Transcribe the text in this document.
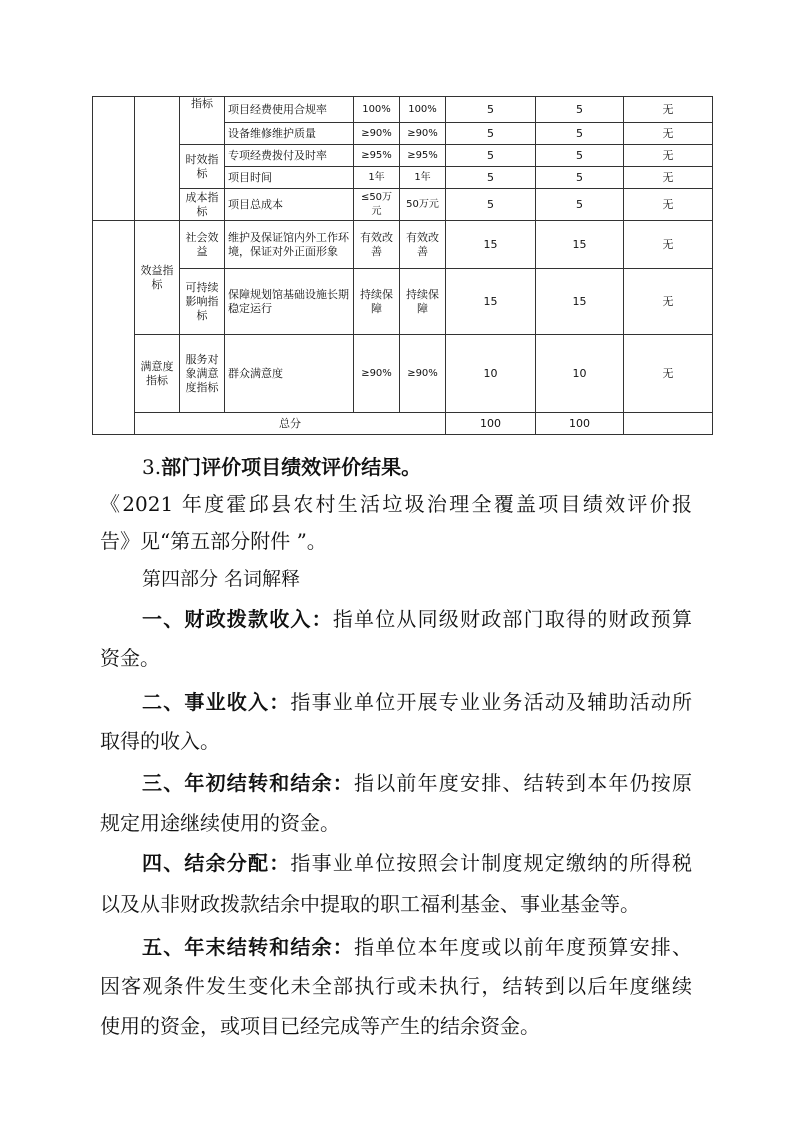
		指标	项目经费使用合规率	100%	100%	5	5	无
			设备维修维护质量	≥90%	≥90%	5	5	无
		时效指标	专项经费拨付及时率	≥95%	≥95%	5	5	无
			项目时间	1年	1年	5	5	无
		成本指标	项目总成本	≤50万元	50万元	5	5	无
	效益指标	社会效益	维护及保证馆内外工作环境，保证对外正面形象	有效改善	有效改善	15	15	无
		可持续影响指标	保障规划馆基础设施长期稳定运行	持续保障	持续保障	15	15	无
	满意度指标	服务对象满意度指标	群众满意度	≥90%	≥90%	10	10	无
	总分					100	100	
3.部门评价项目绩效评价结果。
《2021 年度霍邱县农村生活垃圾治理全覆盖项目绩效评价报
告》见“第五部分附件 ”。
第四部分 名词解释
一、财政拨款收入：指单位从同级财政部门取得的财政预算
资金。
二、事业收入：指事业单位开展专业业务活动及辅助活动所
取得的收入。
三、年初结转和结余：指以前年度安排、结转到本年仍按原
规定用途继续使用的资金。
四、结余分配：指事业单位按照会计制度规定缴纳的所得税
以及从非财政拨款结余中提取的职工福利基金、事业基金等。
五、年末结转和结余：指单位本年度或以前年度预算安排、
因客观条件发生变化未全部执行或未执行，结转到以后年度继续
使用的资金，或项目已经完成等产生的结余资金。
